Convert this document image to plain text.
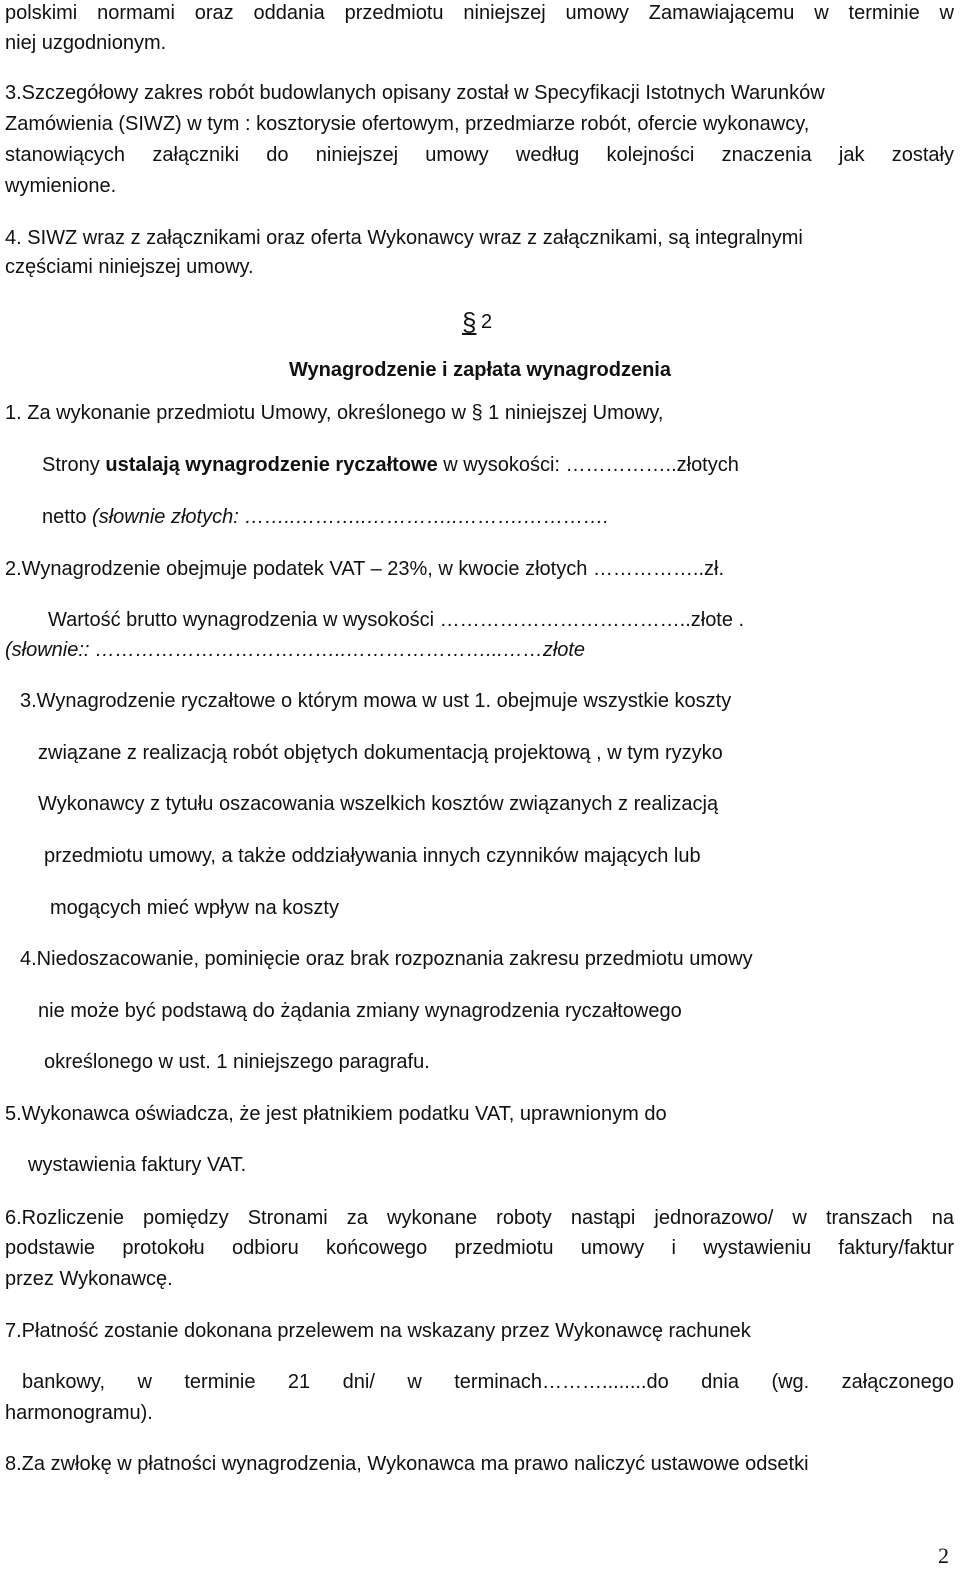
polskimi normami oraz oddania przedmiotu niniejszej umowy Zamawiającemu w terminie w
niej uzgodnionym.
3.Szczegółowy zakres robót budowlanych opisany został w Specyfikacji Istotnych Warunków
Zamówienia (SIWZ) w tym : kosztorysie ofertowym, przedmiarze robót, ofercie wykonawcy,
stanowiących załączniki do niniejszej umowy według kolejności znaczenia jak zostały
wymienione.
4. SIWZ wraz z załącznikami oraz oferta Wykonawcy wraz z załącznikami, są integralnymi
częściami niniejszej umowy.
§ 2
Wynagrodzenie i zapłata wynagrodzenia
1. Za wykonanie przedmiotu Umowy, określonego w § 1 niniejszej Umowy,
Strony ustalają wynagrodzenie ryczałtowe w wysokości: ……………..złotych
netto (słownie złotych: ……..………..…………..……….………….
2.Wynagrodzenie obejmuje podatek VAT – 23%, w kwocie złotych ……………..zł.
Wartość brutto wynagrodzenia w wysokości ………………………………..złote .
(słownie:: ………………………………..…………………...……złote
3.Wynagrodzenie ryczałtowe o którym mowa w ust 1. obejmuje wszystkie koszty
związane z realizacją robót objętych dokumentacją projektową , w tym ryzyko
Wykonawcy z tytułu oszacowania wszelkich kosztów związanych z realizacją
przedmiotu umowy, a także oddziaływania innych czynników mających lub
mogących mieć wpływ na koszty
4.Niedoszacowanie, pominięcie oraz brak rozpoznania zakresu przedmiotu umowy
nie może być podstawą do żądania zmiany wynagrodzenia ryczałtowego
określonego w ust. 1 niniejszego paragrafu.
5.Wykonawca oświadcza, że jest płatnikiem podatku VAT, uprawnionym do
wystawienia faktury VAT.
6.Rozliczenie pomiędzy Stronami za wykonane roboty nastąpi jednorazowo/ w transzach na
podstawie protokołu odbioru końcowego przedmiotu umowy i wystawieniu faktury/faktur
przez Wykonawcę.
7.Płatność zostanie dokonana przelewem na wskazany przez Wykonawcę rachunek
bankowy, w terminie 21 dni/ w terminach………........do dnia (wg. załączonego
harmonogramu).
8.Za zwłokę w płatności wynagrodzenia, Wykonawca ma prawo naliczyć ustawowe odsetki
2
